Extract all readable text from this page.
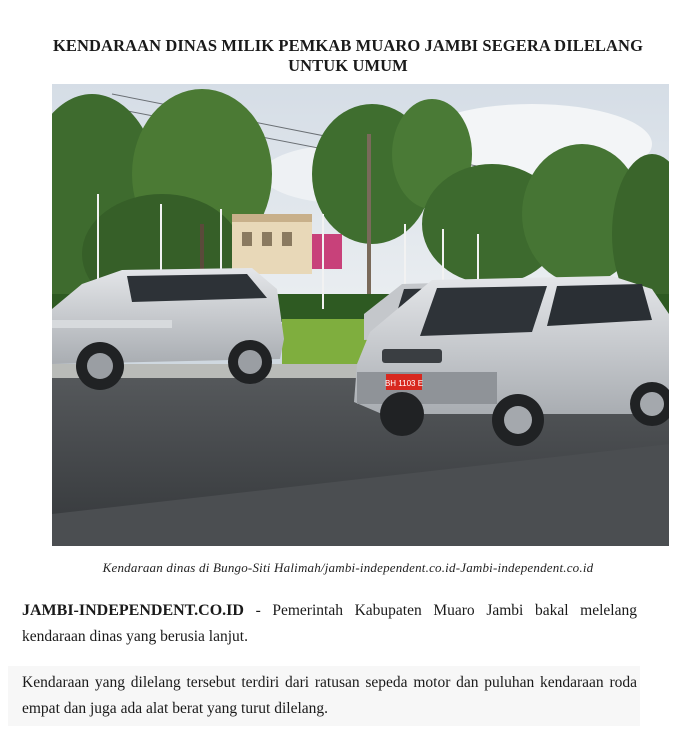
KENDARAAN DINAS MILIK PEMKAB MUARO JAMBI SEGERA DILELANG UNTUK UMUM
BH 1103 E
Kendaraan dinas di Bungo-Siti Halimah/jambi-independent.co.id-Jambi-independent.co.id

JAMBI-INDEPENDENT.CO.ID - Pemerintah Kabupaten Muaro Jambi bakal melelang kendaraan dinas yang berusia lanjut.

Kendaraan yang dilelang tersebut terdiri dari ratusan sepeda motor dan puluhan kendaraan roda empat dan juga ada alat berat yang turut dilelang.
